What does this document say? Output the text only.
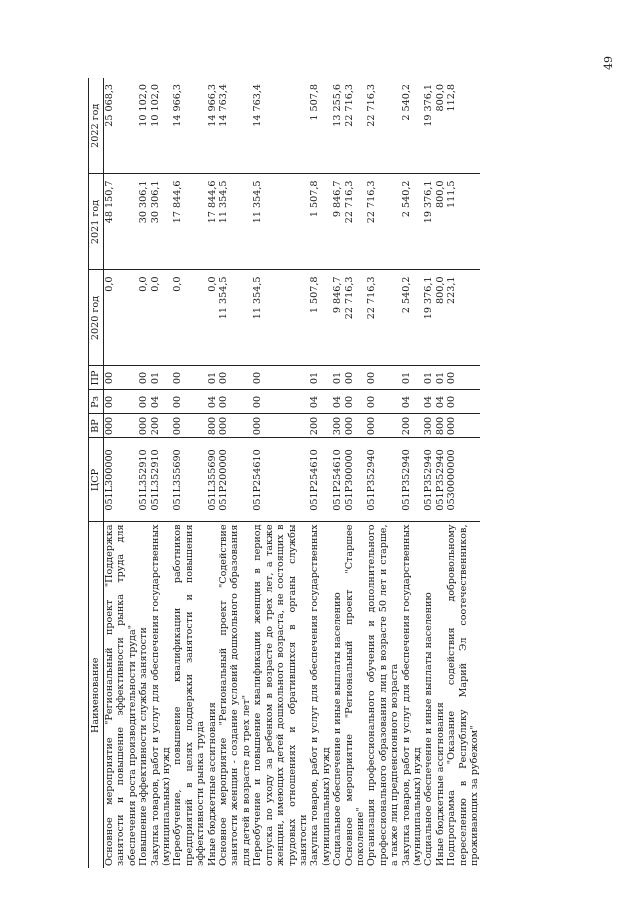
49
Наименование	ЦСР	ВР	Рз	ПР	2020 год	2021 год	2022 год
Основное мероприятие "Региональный проект "Поддержка занятости и повышение эффективности рынка труда для обеспечения роста производительности труда"	051L300000	000	00	00	0,0	48 150,7	25 068,3
Повышение эффективности службы занятости	051L352910	000	00	00	0,0	30 306,1	10 102,0
Закупка товаров, работ и услуг для обеспечения государственных (муниципальных) нужд	051L352910	200	04	01	0,0	30 306,1	10 102,0
Переобучение, повышение квалификации работников предприятий в целях поддержки занятости и повышения эффективности рынка труда	051L355690	000	00	00	0,0	17 844,6	14 966,3
Иные бюджетные ассигнования	051L355690	800	04	01	0,0	17 844,6	14 966,3
Основное мероприятие "Региональный проект "Содействие занятости женщин - создание условий дошкольного образования для детей в возрасте до трех лет"	051P200000	000	00	00	11 354,5	11 354,5	14 763,4
Переобучение и повышение квалификации женщин в период отпуска по уходу за ребенком в возрасте до трех лет, а также женщин, имеющих детей дошкольного возраста, не состоящих в трудовых отношениях и обратившихся в органы службы занятости	051P254610	000	00	00	11 354,5	11 354,5	14 763,4
Закупка товаров, работ и услуг для обеспечения государственных (муниципальных) нужд	051P254610	200	04	01	1 507,8	1 507,8	1 507,8
Социальное обеспечение и иные выплаты населению	051P254610	300	04	01	9 846,7	9 846,7	13 255,6
Основное мероприятие "Региональный проект "Старшее поколение"	051P300000	000	00	00	22 716,3	22 716,3	22 716,3
Организация профессионального обучения и дополнительного профессионального образования лиц в возрасте 50 лет и старше, а также лиц предпенсионного возраста	051P352940	000	00	00	22 716,3	22 716,3	22 716,3
Закупка товаров, работ и услуг для обеспечения государственных (муниципальных) нужд	051P352940	200	04	01	2 540,2	2 540,2	2 540,2
Социальное обеспечение и иные выплаты населению	051P352940	300	04	01	19 376,1	19 376,1	19 376,1
Иные бюджетные ассигнования	051P352940	800	04	01	800,0	800,0	800,0
Подпрограмма "Оказание содействия добровольному переселению в Республику Марий Эл соотечественников, проживающих за рубежом"	0530000000	000	00	00	223,1	111,5	112,8
